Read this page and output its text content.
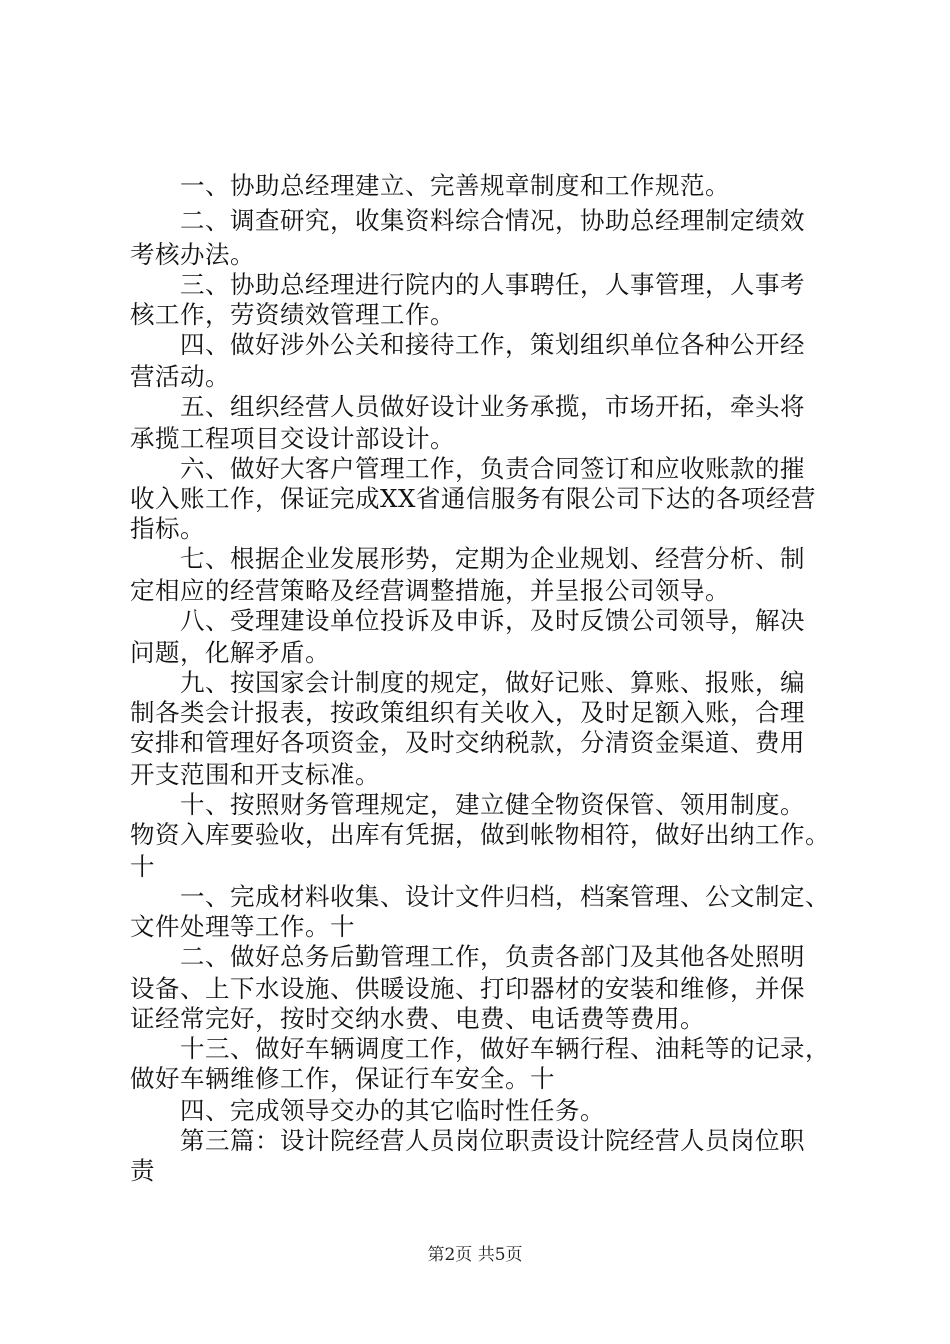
一、协助总经理建立、完善规章制度和工作规范。
二、调查研究，收集资料综合情况，协助总经理制定绩效
考核办法。
三、协助总经理进行院内的人事聘任，人事管理，人事考
核工作，劳资绩效管理工作。
四、做好涉外公关和接待工作，策划组织单位各种公开经
营活动。
五、组织经营人员做好设计业务承揽，市场开拓，牵头将
承揽工程项目交设计部设计。
六、做好大客户管理工作，负责合同签订和应收账款的摧
收入账工作，保证完成XX省通信服务有限公司下达的各项经营
指标。
七、根据企业发展形势，定期为企业规划、经营分析、制
定相应的经营策略及经营调整措施，并呈报公司领导。
八、受理建设单位投诉及申诉，及时反馈公司领导，解决
问题，化解矛盾。
九、按国家会计制度的规定，做好记账、算账、报账，编
制各类会计报表，按政策组织有关收入，及时足额入账，合理
安排和管理好各项资金，及时交纳税款，分清资金渠道、费用
开支范围和开支标准。
十、按照财务管理规定，建立健全物资保管、领用制度。
物资入库要验收，出库有凭据，做到帐物相符，做好出纳工作。
十
一、完成材料收集、设计文件归档，档案管理、公文制定、
文件处理等工作。十
二、做好总务后勤管理工作，负责各部门及其他各处照明
设备、上下水设施、供暖设施、打印器材的安装和维修，并保
证经常完好，按时交纳水费、电费、电话费等费用。
十三、做好车辆调度工作，做好车辆行程、油耗等的记录，
做好车辆维修工作，保证行车安全。十
四、完成领导交办的其它临时性任务。
第三篇：设计院经营人员岗位职责设计院经营人员岗位职
责
第2页 共5页
